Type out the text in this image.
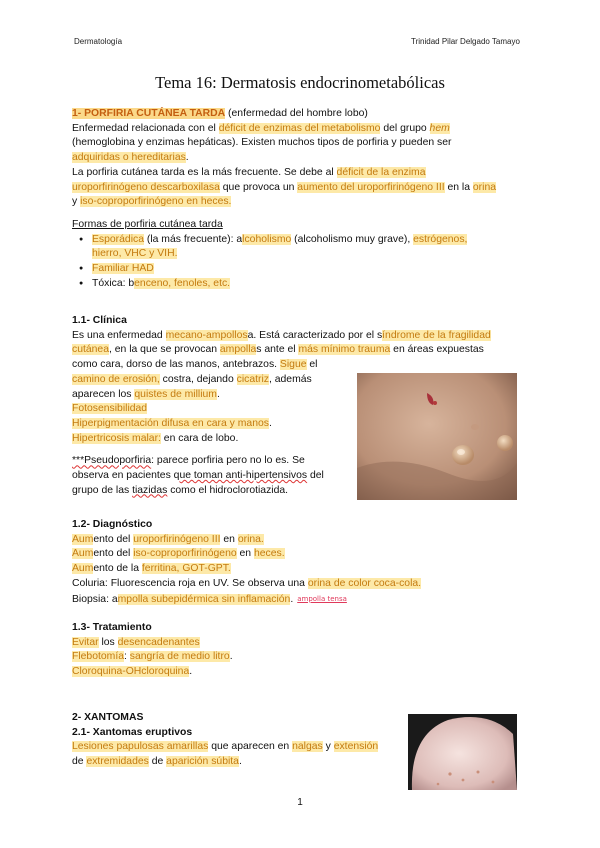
Dermatología	Trinidad Pilar Delgado Tamayo
Tema 16: Dermatosis endocrinometabólicas
1- PORFIRIA CUTÁNEA TARDA (enfermedad del hombre lobo)
Enfermedad relacionada con el déficit de enzimas del metabolismo del grupo hem
(hemoglobina y enzimas hepáticas). Existen muchos tipos de porfiria y pueden ser
adquiridas o hereditarias.
La porfiria cutánea tarda es la más frecuente. Se debe al déficit de la enzima
uroporfirinógeno descarboxilasa que provoca un aumento del uroporfirinógeno III en la orina
y iso-coproporfirinógeno en heces.
Formas de porfiria cutánea tarda
● Esporádica (la más frecuente): alcoholismo (alcoholismo muy grave), estrógenos,
hierro, VHC y VIH.
● Familiar HAD
● Tóxica: benceno, fenoles, etc.
1.1- Clínica
Es una enfermedad mecano-ampollosa. Está caracterizado por el síndrome de la fragilidad
cutánea, en la que se provocan ampollas ante el más mínimo trauma en áreas expuestas
como cara, dorso de las manos, antebrazos. Sigue el
camino de erosión, costra, dejando cicatriz, además
aparecen los quistes de millium.
Fotosensibilidad
Hiperpigmentación difusa en cara y manos.
Hipertricosis malar: en cara de lobo.
***Pseudoporfiria: parece porfiria pero no lo es. Se
observa en pacientes que toman anti-hipertensivos del
grupo de las tiazidas como el hidroclorotiazida.
1.2- Diagnóstico
Aumento del uroporfirinógeno III en orina.
Aumento del iso-coproporfirinógeno en heces.
Aumento de la ferritina, GOT-GPT.
Coluria: Fluorescencia roja en UV. Se observa una orina de color coca-cola.
Biopsia: ampolla subepidérmica sin inflamación. ampolla tensa
1.3- Tratamiento
Evitar los desencadenantes
Flebotomía: sangría de medio litro.
Cloroquina-OHcloroquina.
2- XANTOMAS
2.1- Xantomas eruptivos
Lesiones papulosas amarillas que aparecen en nalgas y extensión
de extremidades de aparición súbita.
1
